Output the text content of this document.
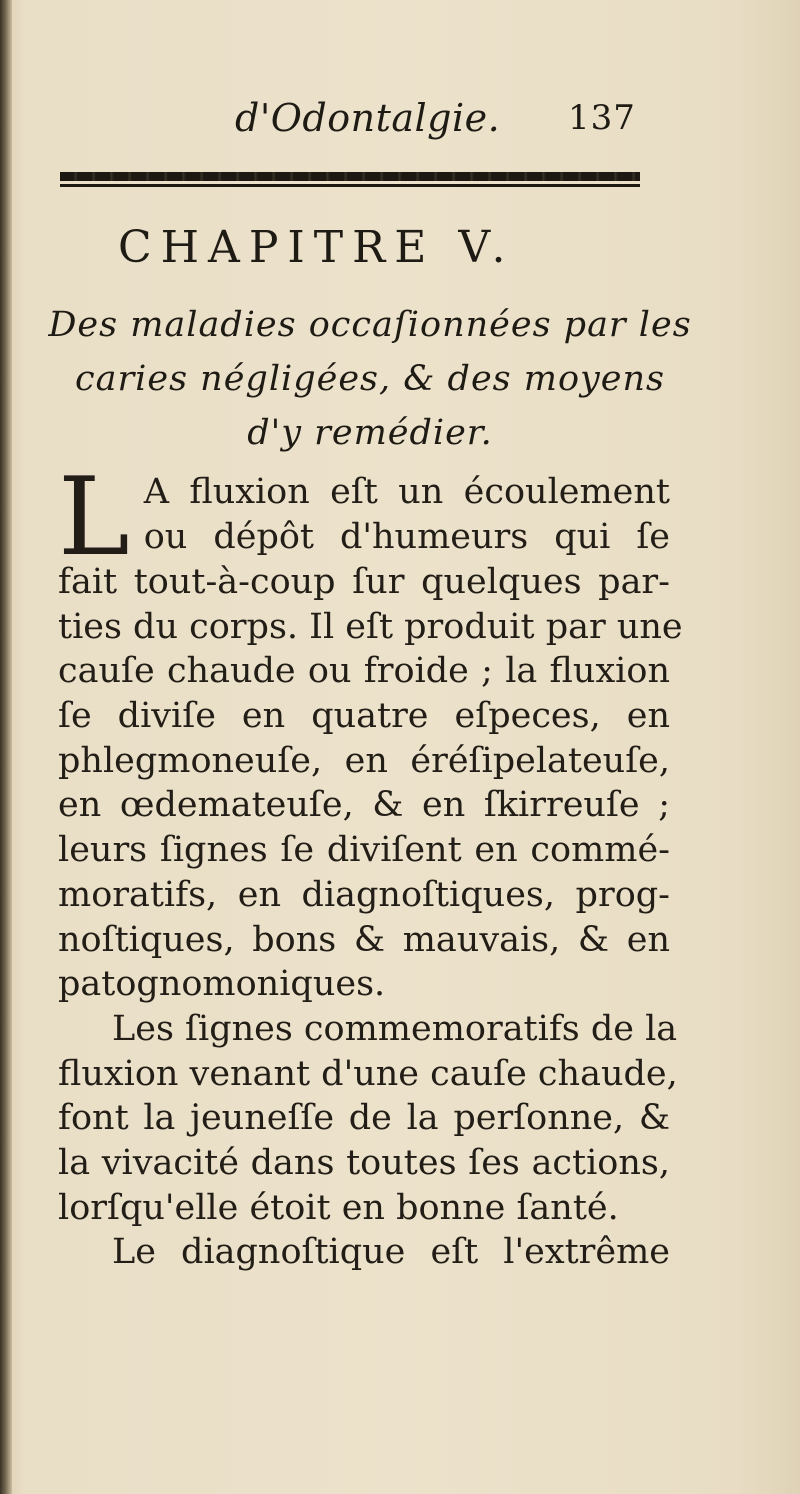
d'Odontalgie. 137
CHAPITRE V.
Des maladies occaſionnées par les
caries négligées, & des moyens
d'y remédier.
L A fluxion eſt un écoulement
ou dépôt d'humeurs qui ſe
fait tout-à-coup ſur quelques par-
ties du corps. Il eſt produit par une
cauſe chaude ou froide ; la fluxion
ſe diviſe en quatre eſpeces, en
phlegmoneuſe, en éréſipelateuſe,
en œdemateuſe, & en ſkirreuſe ;
leurs ſignes ſe diviſent en commé-
moratifs, en diagnoſtiques, prog-
noſtiques, bons & mauvais, & en
patognomoniques.
Les ſignes commemoratifs de la
fluxion venant d'une cauſe chaude,
font la jeuneſſe de la perſonne, &
la vivacité dans toutes ſes actions,
lorſqu'elle étoit en bonne ſanté.
Le diagnoſtique eſt l'extrême
